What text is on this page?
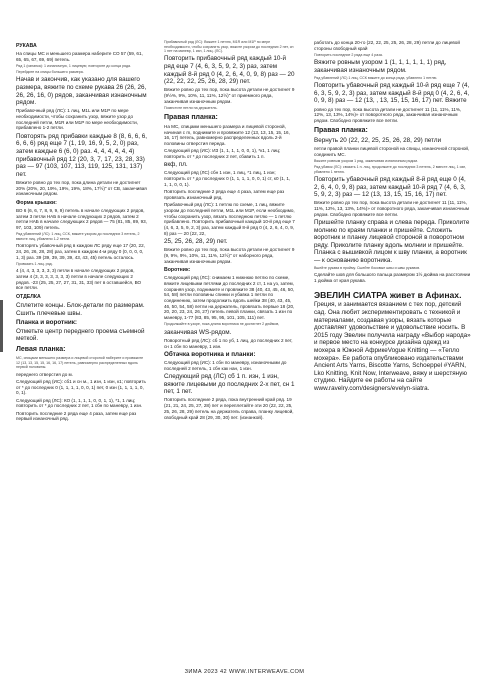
РУКАВА

На спицы МС и меньшего размера наберите СО 57 (59, 61, 65, 65, 67, 69, 69) петель.

Ряд 1 (изнанка): 1 изнаночную, 1 лицевую; повторите до конца ряда.

Перейдите на спицы большего размера.

Начав и закончив, как указано для вашего размера, вяжите по схеме рукава 26 (26, 26, 26, 26, 16, 0) рядов, заканчивая изнаночным рядом.

Прибавочный ряд (ЛС): 1 лиц, М1L или М1Р по мере необходимости, чтобы сохранить узор, вяжите узор до последней петли, М1R или М1P по мере необходимости, прибавлено 1-2 петли.

Повторять ряд прибавки каждые 8 (8, 6, 6, 6, 6, 6, 6) ряд еще 7 (1, 19, 16, 9, 5, 2, 0) раз, затем каждые 6 (6, 0) раз. 4, 4, 4, 4, 4, 4) прибавочный ряд 12 (20, 3, 7, 17, 23, 28, 33) раз — 97 (103, 107, 113, 119, 125, 131, 137) пет.

Вяжите ровно до тех пор, пока длина детали не достигнет 20% (20%, 20, 19%, 19%, 19%, 18%, 17½)" от СВ, заканчивая изнаночным рядом.

Форма крышки:

ВО 6 (6, 6, 7, 8, 9, 9, 9) петель в начале следующих 2 рядов, затем 3 петли НАБ в начале следующих 2 рядов, затем 2 петли НАБ в начале следующих 2 рядов — 75 (81, 85, 89, 93, 97, 103, 109) петель.

Ряд убавлений (ЛС): 1 лиц, ССК, вяжите узором до последних 3 петель, 2 вместе лиц, убавлено 1-2 петли.

Повторять убавочный ряд в каждом ЛС ряду еще 17 (20, 22, 24, 26, 26, 28, 28) раз, затем в каждом 4-м ряду 0 (0, 0, 0, 0, 1, 3) раз. 39 (39, 39, 39, 39, 43, 43, 45) петель осталось.

Провязать 1 лиц. ряд.

4 (4, 4, 3, 3, 3, 3, 3) петли в начале следующих 2 рядов, затем 4 (3, 3, 3, 3, 3, 3, 3) петли в начале следующих 2 рядов. -23 (25, 25, 27, 27, 31, 31, 33) пет в оставшейся, ВО все петли.

ОТДЕЛКА

Сплетите концы. Блок-детали по размерам. Сшить плечевые швы.

Планка и воротник:

Отметьте центр переднего проема съемной меткой.

Левая планка:

МС, спицами меньшего размера и лицевой стороной наберите и провяжите 12 (13, 13, 15, 15, 16, 16, 17) петель, равномерно распределенных вдоль первой половины.

переднего отверстия до м.

Следующий ряд (ИС): сб1 и сн м., 1 изн, 1 изн, к1; повторить от * до последних 0 (1, 1, 1, 1, 0, 0, 1) пет, 0 изн (1, 1, 1, 1, 0, 0, 1).

Следующий ряд (ЛС): КО (1, 1, 1, 1, 0, 0, 1, 1), *1, 1 лиц; повторить от * до последних 2 пет, 1 сбн по маневру, 1 изн.

Повторить последние 2 ряда еще 4 раза, затем еще раз первый изнаночный ряд.

Прибавочный ряд (ЛС): Вяжите 1 петлю, М1R или М1Р по мере необходимости, чтобы сохранить узор, вяжите узором до последних 2 пет, сн 1 пет на маневр, 1 изн, 1 лиц. (ЛС).

Повторить прибавочный ряд каждый 10-й ряд еще 7 (4, 6, 3, 5, 9, 2, 3) раз, затем каждый 8-й ряд 0 (4, 2, 6, 4, 0, 9, 8) раз — 20 (22, 22, 22, 25, 26, 28, 29) пет.

Вяжите ровно до тех пор, пока высота детали не достигнет 9 (9½%, 9%, 10%, 11, 11%, 12½)" от приемного ряда, заканчивая изнаночным рядом.

Поместите петли на держатель.

Правая планка:

На МС, спицами меньшего размера и лицевой стороной, начиная с m, поднимите и провяжите 12 (13, 13, 15, 15, 16, 16, 17) петель, равномерно распределенных вдоль 2-й половины отверстия переда.

Следующий ряд (ИС): ИЗ (1, 1, 1, 1, 0, 0, 1), *к1, 1 лиц; повторить от * до последних 2 пет, сбавить 1 п.

вкф, пл.

Следующий ряд (ЛС) сбн 1 изн, 1 лиц, *1 лиц, 1 изн; повторить от * до последних 0 (1, 1, 1, 1, 0, 0, 1) ст, к0 (1, 1, 1, 1, 0, 0, 1).

Повторить последние 2 ряда еще 4 раза, затем еще раз провязать изнаночный ряд.

Прибавочный ряд (ЛС): 1 петлю по схеме, 1 лиц, вяжите узором до последней петли, М1L или М1P, если необходимо, чтобы сохранить узор, вязать последнюю петлю — 1 петлю прибавлено. Повторить прибавочный каждый 10-й ряд еще 7 (4, 6, 3, 5, 9, 2, 3) раз, затем каждый 8-й ряд 0 (4, 2, 6, 4, 0, 9, 8) раз — 20 (22, 22,

25, 25, 26, 28, 29) пет.

Вяжите ровно до тех пор, пока высота детали не достигнет 9 (9, 9%, 9%, 10%, 11, 11%, 12½)" от наборного ряда, заканчивая изнаночным рядом.

Воротник:

Следующий ряд (ЛС): снимаем 1 нижнюю петлю по схеме, вяжите лицевыми петлями до последних 2 ст, 1 на уз, затем, сохраняя узор, поднимите и провяжите 38 (40, 43, 45, 46, 50, 54, 58) петли половины спинки и убавка 1 петли по соединению, затем продолжить вдоль шейки 38 (40, 43, 45, 46, 50, 54, 58) петли на держатель, провязать первые 18 (20, 20, 20, 23, 24, 26, 27) петель левой планки, связать 1 изн по маневру, 1-77 (83, 85, 95, 95, 101, 105, 111) пет.

Продолжайте в узоре, пока длина воротника не достигнет 2 дюймов,

заканчивая WS-рядом.

Поворотный ряд (ЛС): сб 1 по уб, 1 лиц, до последних 2 пет, сн 1 сбн по маневру, 1 изн.

Обтачка воротника и планки:

Следующий ряд (ИС): 1 сбн по маневру, изнаночными до последней 2 петель, 1 сбн как нан, 1 изн.

Следующий ряд (ЛС) сб 1 п. изн, 1 изн, вяжите лицевыми до последних 2-х пет, сн 1 пет, 1 пет.

Повторить последние 2 ряда, пока внутренний край ряд. 19 (21, 21, 24, 25, 27, 28) пет и переплетайте эти 20 (22, 22, 25, 25, 26, 28, 29) петель на держатель справа, планку лицевой, свободный край 28 (29, 30, 30) пет. (изнанкой).

работать до конца 20-го (22, 22, 25, 25, 26, 28, 29) петли до лицевой стороны свободный край

Повторить последние 2 ряда еще 4 раза.

Вяжите ровным узором 1 (1, 1, 1, 1, 1, 1) ряд, заканчивая изнаночным рядом.

Ряд убавлений (ЛС) 1 лиц, ССК вяжите до конца ряда, убавлено 1 петлю.

Повторить убавочный ряд каждый 10-й ряд еще 7 (4, 6, 3, 5, 9, 2, 3) раз, затем каждый 8-й ряд 0 (4, 2, 6, 4, 0, 9, 8) раз — 12 (13, , 13, 15, 15, 16, 17) пет. Вяжите

ровно до тех пор, пока высота детали не достигнет 11 (11, 11%, 11%, 12%, 13, 13%, 14%)» от поворотного ряда, заканчивая изнаночным рядом. Свободно провяжите все петли.

Правая планка:

Вернуть 20 (22, 22, 25, 25, 26, 28, 29) петли

петли правой планки лицевой стороной на спицы, изнаночной стороной, соединить МС.

Вяжите ровным узором 1 ряд, заканчивая изнаночным рядом.

Ряд убавок (ЛС): связать 1 п. лиц, продолжите до последних 3 петель, 2 вместе лиц, 1 изн, убавлено 1 петлю.

Повторить убавочный ряд каждый 8-й ряд еще 0 (4, 2, 6, 4, 0, 9, 8) раз, затем каждый 10-й ряд 7 (4, 6, 3, 5, 9, 2, 3) раз — 12 (13, 13, 15, 15, 16, 17) пет.

Вяжите ровно до тех пор, пока высота детали не достигнет 11 (11, 11%, 11%, 12%, 13, 13%, 14%)» от поворотного ряда, заканчивая изнаночным рядом. Свободно провяжите все петли.

Пришейте планку справа и слева переда. Приколите молнию по краям планки и пришейте. Сложить воротник и планку лицевой стороной в поворотном ряду. Приколите планку вдоль молнии и пришейте. Планка с вышивкой лицом к шву планки, а воротник — к основанию воротника.

Вшейте рукава в пройму. Сшейте боковые швы и швы рукавов.

Сделайте шов для большого пальца размером 1½ дюйма на расстоянии 1 дюйма от края рукава.

ЭВЕЛИН СИАТРА живет в Афинах.

Греция, и занимается вязанием с тех пор, детский сад. Она любит экспериментировать с техникой и материалами, создавая узоры, вязать которые доставляет удовольствие и удовольствие носить. В 2015 году Эвелин получила награду «Выбор народа» и первое место на конкурсе дизайна одежд из мохера в Южной АфрикеVogue Knitting — «Тепло мохера». Ее работа опубликовано издательствами Ancient Arts Yarns, Biscotte Yarns, Schoeppel #YARN, Lko Knitting, Knit Now, Interweave, вяжу и шерстяную студию. Найдите ее работы на сайте www.ravelry.com/designers/evelyn-siatra.

ЗИМА 2023 42 WWW.INTERWEAVE.COM
